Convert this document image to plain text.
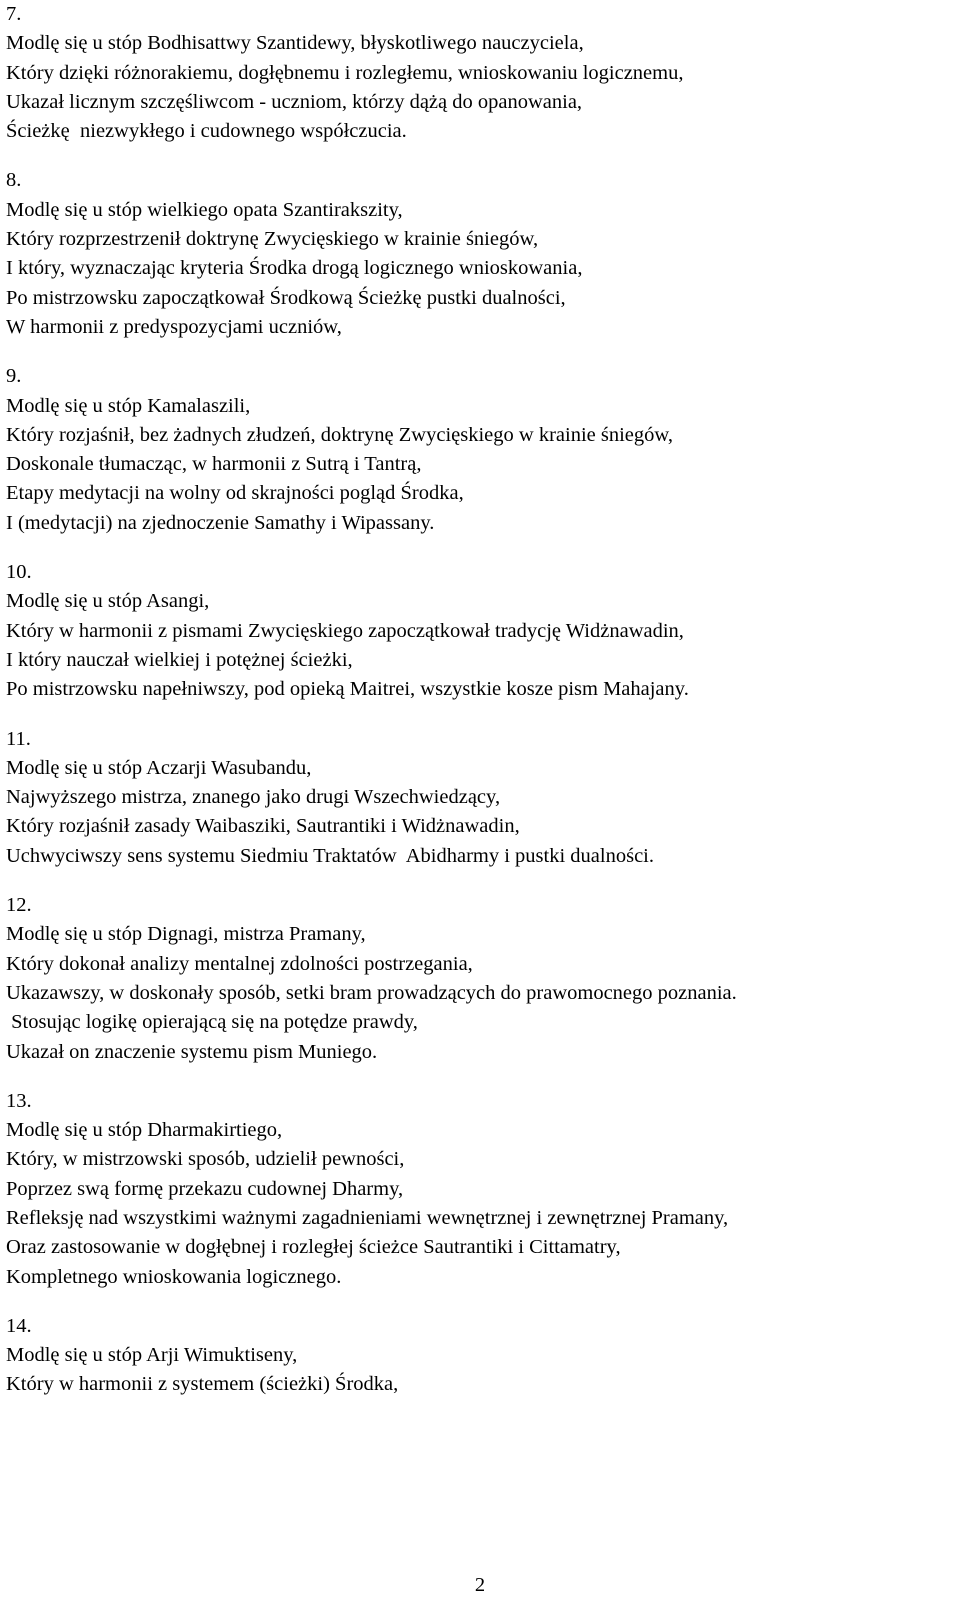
7.
Modlę się u stóp Bodhisattwy Szantidewy, błyskotliwego nauczyciela,
Który dzięki różnorakiemu, dogłębnemu i rozległemu, wnioskowaniu logicznemu,
Ukazał licznym szczęśliwcom - uczniom, którzy dążą do opanowania,
Ścieżkę  niezwykłego i cudownego współczucia.
8.
Modlę się u stóp wielkiego opata Szantirakszity,
Który rozprzestrzenił doktrynę Zwycięskiego w krainie śniegów,
I który, wyznaczając kryteria Środka drogą logicznego wnioskowania,
Po mistrzowsku zapoczątkował Środkową Ścieżkę pustki dualności,
W harmonii z predyspozycjami uczniów,
9.
Modlę się u stóp Kamalaszili,
Który rozjaśnił, bez żadnych złudzeń, doktrynę Zwycięskiego w krainie śniegów,
Doskonale tłumacząc, w harmonii z Sutrą i Tantrą,
Etapy medytacji na wolny od skrajności pogląd Środka,
I (medytacji) na zjednoczenie Samathy i Wipassany.
10.
Modlę się u stóp Asangi,
Który w harmonii z pismami Zwycięskiego zapoczątkował tradycję Widżnawadin,
I który nauczał wielkiej i potężnej ścieżki,
Po mistrzowsku napełniwszy, pod opieką Maitrei, wszystkie kosze pism Mahajany.
11.
Modlę się u stóp Aczarji Wasubandu,
Najwyższego mistrza, znanego jako drugi Wszechwiedzący,
Który rozjaśnił zasady Waibasziki, Sautrantiki i Widżnawadin,
Uchwyciwszy sens systemu Siedmiu Traktatów  Abidharmy i pustki dualności.
12.
Modlę się u stóp Dignagi, mistrza Pramany,
Który dokonał analizy mentalnej zdolności postrzegania,
Ukazawszy, w doskonały sposób, setki bram prowadzących do prawomocnego poznania.
Stosując logikę opierającą się na potędze prawdy,
Ukazał on znaczenie systemu pism Muniego.
13.
Modlę się u stóp Dharmakirtiego,
Który, w mistrzowski sposób, udzielił pewności,
Poprzez swą formę przekazu cudownej Dharmy,
Refleksję nad wszystkimi ważnymi zagadnieniami wewnętrznej i zewnętrznej Pramany,
Oraz zastosowanie w dogłębnej i rozległej ścieżce Sautrantiki i Cittamatry,
Kompletnego wnioskowania logicznego.
14.
Modlę się u stóp Arji Wimuktiseny,
Który w harmonii z systemem (ścieżki) Środka,
2
